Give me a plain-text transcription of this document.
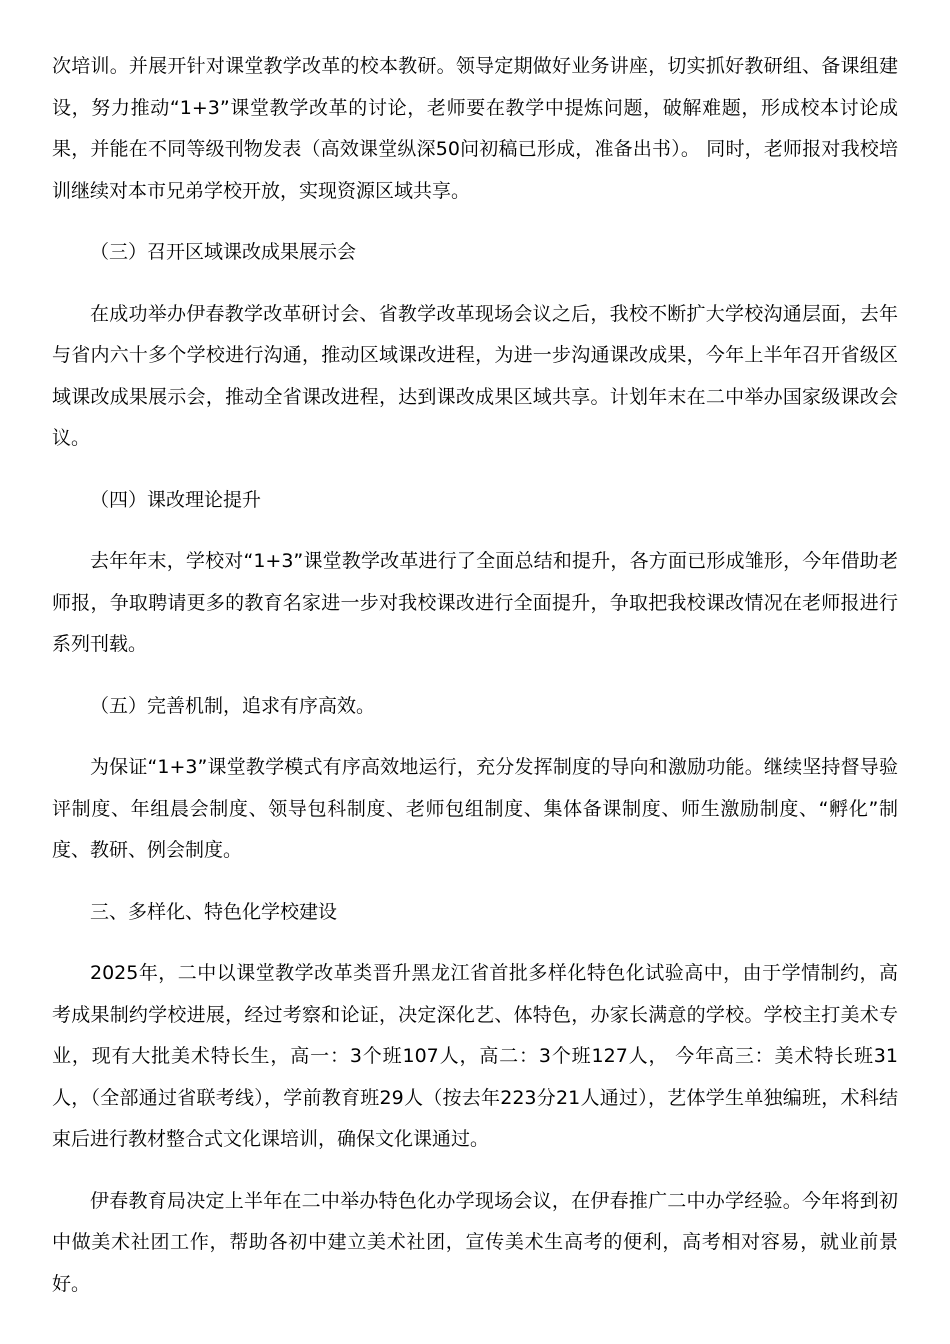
次培训。并展开针对课堂教学改革的校本教研。领导定期做好业务讲座，切实抓好教研组、备课组建设，努力推动“1+3”课堂教学改革的讨论，老师要在教学中提炼问题，破解难题，形成校本讨论成果，并能在不同等级刊物发表（高效课堂纵深50问初稿已形成，准备出书）。 同时，老师报对我校培训继续对本市兄弟学校开放，实现资源区域共享。

（三）召开区域课改成果展示会

在成功举办伊春教学改革研讨会、省教学改革现场会议之后，我校不断扩大学校沟通层面，去年与省内六十多个学校进行沟通，推动区域课改进程，为进一步沟通课改成果，今年上半年召开省级区域课改成果展示会，推动全省课改进程，达到课改成果区域共享。计划年末在二中举办国家级课改会议。

（四）课改理论提升

去年年末，学校对“1+3”课堂教学改革进行了全面总结和提升，各方面已形成雏形，今年借助老师报，争取聘请更多的教育名家进一步对我校课改进行全面提升，争取把我校课改情况在老师报进行系列刊载。

（五）完善机制，追求有序高效。

为保证“1+3”课堂教学模式有序高效地运行，充分发挥制度的导向和激励功能。继续坚持督导验评制度、年组晨会制度、领导包科制度、老师包组制度、集体备课制度、师生激励制度、“孵化”制度、教研、例会制度。

三、多样化、特色化学校建设

2025年，二中以课堂教学改革类晋升黑龙江省首批多样化特色化试验高中，由于学情制约，高考成果制约学校进展，经过考察和论证，决定深化艺、体特色，办家长满意的学校。学校主打美术专业，现有大批美术特长生，高一：3个班107人，高二：3个班127人， 今年高三：美术特长班31人，（全部通过省联考线），学前教育班29人（按去年223分21人通过），艺体学生单独编班，术科结束后进行教材整合式文化课培训，确保文化课通过。

伊春教育局决定上半年在二中举办特色化办学现场会议，在伊春推广二中办学经验。今年将到初中做美术社团工作，帮助各初中建立美术社团，宣传美术生高考的便利，高考相对容易，就业前景好。
